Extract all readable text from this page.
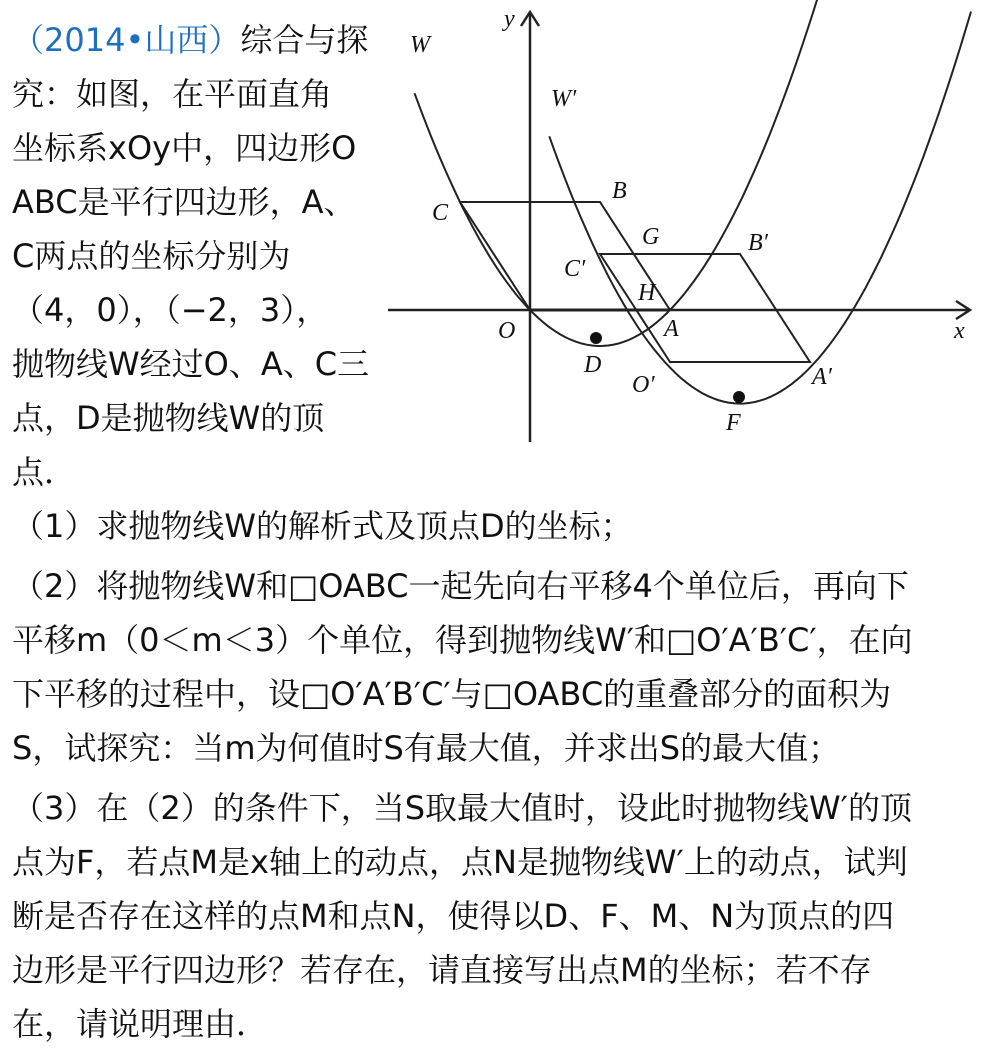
（2014•山西）综合与探
究：如图，在平面直角
坐标系xOy中，四边形O
ABC是平行四边形，A、
C两点的坐标分别为
（4，0），（−2，3），
抛物线W经过O、A、C三
点，D是抛物线W的顶
点．
（1）求抛物线W的解析式及顶点D的坐标；
（2）将抛物线W和□OABC一起先向右平移4个单位后，再向下
平移m（0＜m＜3）个单位，得到抛物线W′和□O′A′B′C′，在向
下平移的过程中，设□O′A′B′C′与□OABC的重叠部分的面积为
S，试探究：当m为何值时S有最大值，并求出S的最大值；
（3）在（2）的条件下，当S取最大值时，设此时抛物线W′的顶
点为F，若点M是x轴上的动点，点N是抛物线W′上的动点，试判
断是否存在这样的点M和点N，使得以D、F、M、N为顶点的四
边形是平行四边形？若存在，请直接写出点M的坐标；若不存
在，请说明理由．
W
W′
y
x
O	A
B
C
D
G
H
C′
B′
O′	A′
F
